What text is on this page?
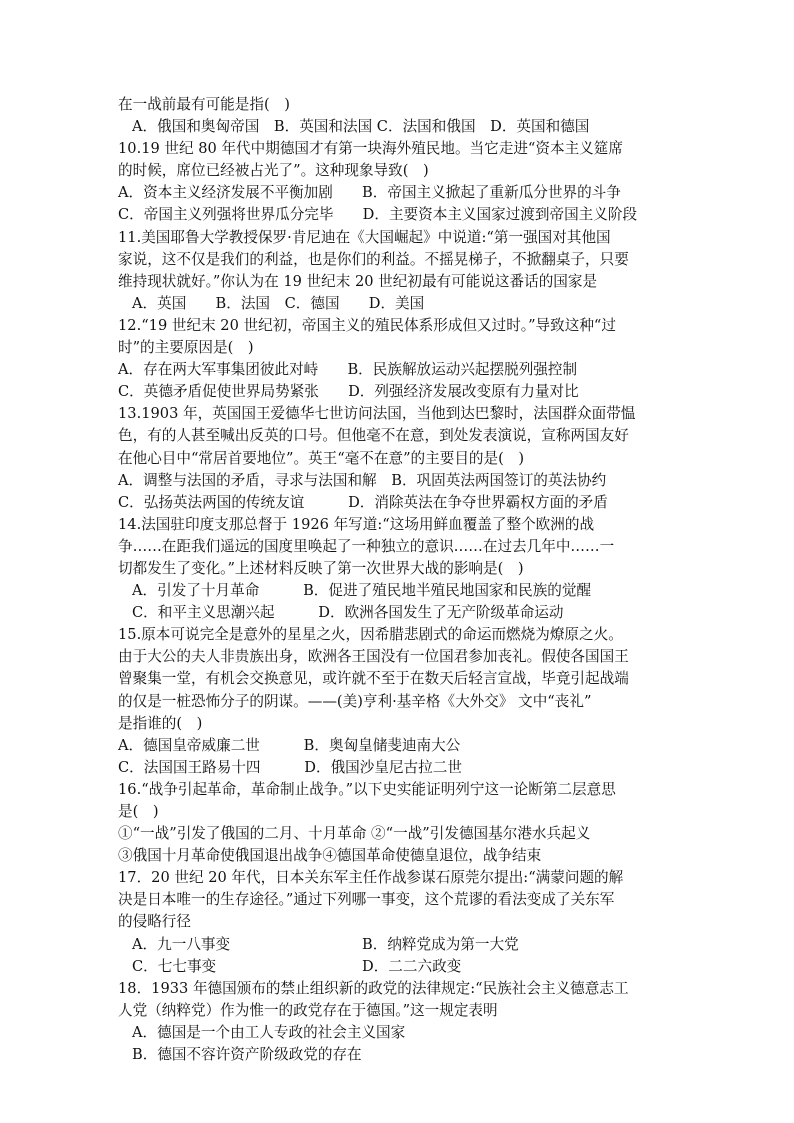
在一战前最有可能是指(　)
A．俄国和奥匈帝国　B．英国和法国 C．法国和俄国　D．英国和德国
10.19 世纪 80 年代中期德国才有第一块海外殖民地。当它走进“资本主义筵席
的时候，席位已经被占光了”。这种现象导致(　)
A．资本主义经济发展不平衡加剧　　B．帝国主义掀起了重新瓜分世界的斗争
C．帝国主义列强将世界瓜分完毕　　D．主要资本主义国家过渡到帝国主义阶段
11.美国耶鲁大学教授保罗·肯尼迪在《大国崛起》中说道:“第一强国对其他国
家说，这不仅是我们的利益，也是你们的利益。不摇晃梯子，不掀翻桌子，只要
维持现状就好。”你认为在 19 世纪末 20 世纪初最有可能说这番话的国家是
A．英国　　B．法国　C．德国　　D．美国
12.“19 世纪末 20 世纪初，帝国主义的殖民体系形成但又过时。”导致这种“过
时”的主要原因是(　)
A．存在两大军事集团彼此对峙　　B．民族解放运动兴起摆脱列强控制
C．英德矛盾促使世界局势紧张　　D．列强经济发展改变原有力量对比
13.1903 年，英国国王爱德华七世访问法国，当他到达巴黎时，法国群众面带愠
色，有的人甚至喊出反英的口号。但他毫不在意，到处发表演说，宣称两国友好
在他心目中“常居首要地位”。英王“毫不在意”的主要目的是(　)
A．调整与法国的矛盾，寻求与法国和解　B．巩固英法两国签订的英法协约
C．弘扬英法两国的传统友谊　　　D．消除英法在争夺世界霸权方面的矛盾
14.法国驻印度支那总督于 1926 年写道:“这场用鲜血覆盖了整个欧洲的战
争……在距我们遥远的国度里唤起了一种独立的意识……在过去几年中……一
切都发生了变化。”上述材料反映了第一次世界大战的影响是(　)
A．引发了十月革命　　　B．促进了殖民地半殖民地国家和民族的觉醒
C．和平主义思潮兴起　　　D．欧洲各国发生了无产阶级革命运动
15.原本可说完全是意外的星星之火，因希腊悲剧式的命运而燃烧为燎原之火。
由于大公的夫人非贵族出身，欧洲各王国没有一位国君参加丧礼。假使各国国王
曾聚集一堂，有机会交换意见，或许就不至于在数天后轻言宣战，毕竟引起战端
的仅是一桩恐怖分子的阴谋。——(美)亨利·基辛格《大外交》 文中“丧礼”
是指谁的(　)
A．德国皇帝威廉二世　　　B．奥匈皇储斐迪南大公
C．法国国王路易十四　　　D．俄国沙皇尼古拉二世
16.“战争引起革命，革命制止战争。”以下史实能证明列宁这一论断第二层意思
是(　)
①“一战”引发了俄国的二月、十月革命 ②“一战”引发德国基尔港水兵起义
③俄国十月革命使俄国退出战争④德国革命使德皇退位，战争结束
17．20 世纪 20 年代，日本关东军主任作战参谋石原莞尔提出:“满蒙问题的解
决是日本唯一的生存途径。”通过下列哪一事变，这个荒谬的看法变成了关东军
的侵略行径
A．九一八事变	B．纳粹党成为第一大党
C．七七事变	D．二二六政变
18．1933 年德国颁布的禁止组织新的政党的法律规定:“民族社会主义德意志工
人党（纳粹党）作为惟一的政党存在于德国。”这一规定表明
A．德国是一个由工人专政的社会主义国家
B．德国不容许资产阶级政党的存在
